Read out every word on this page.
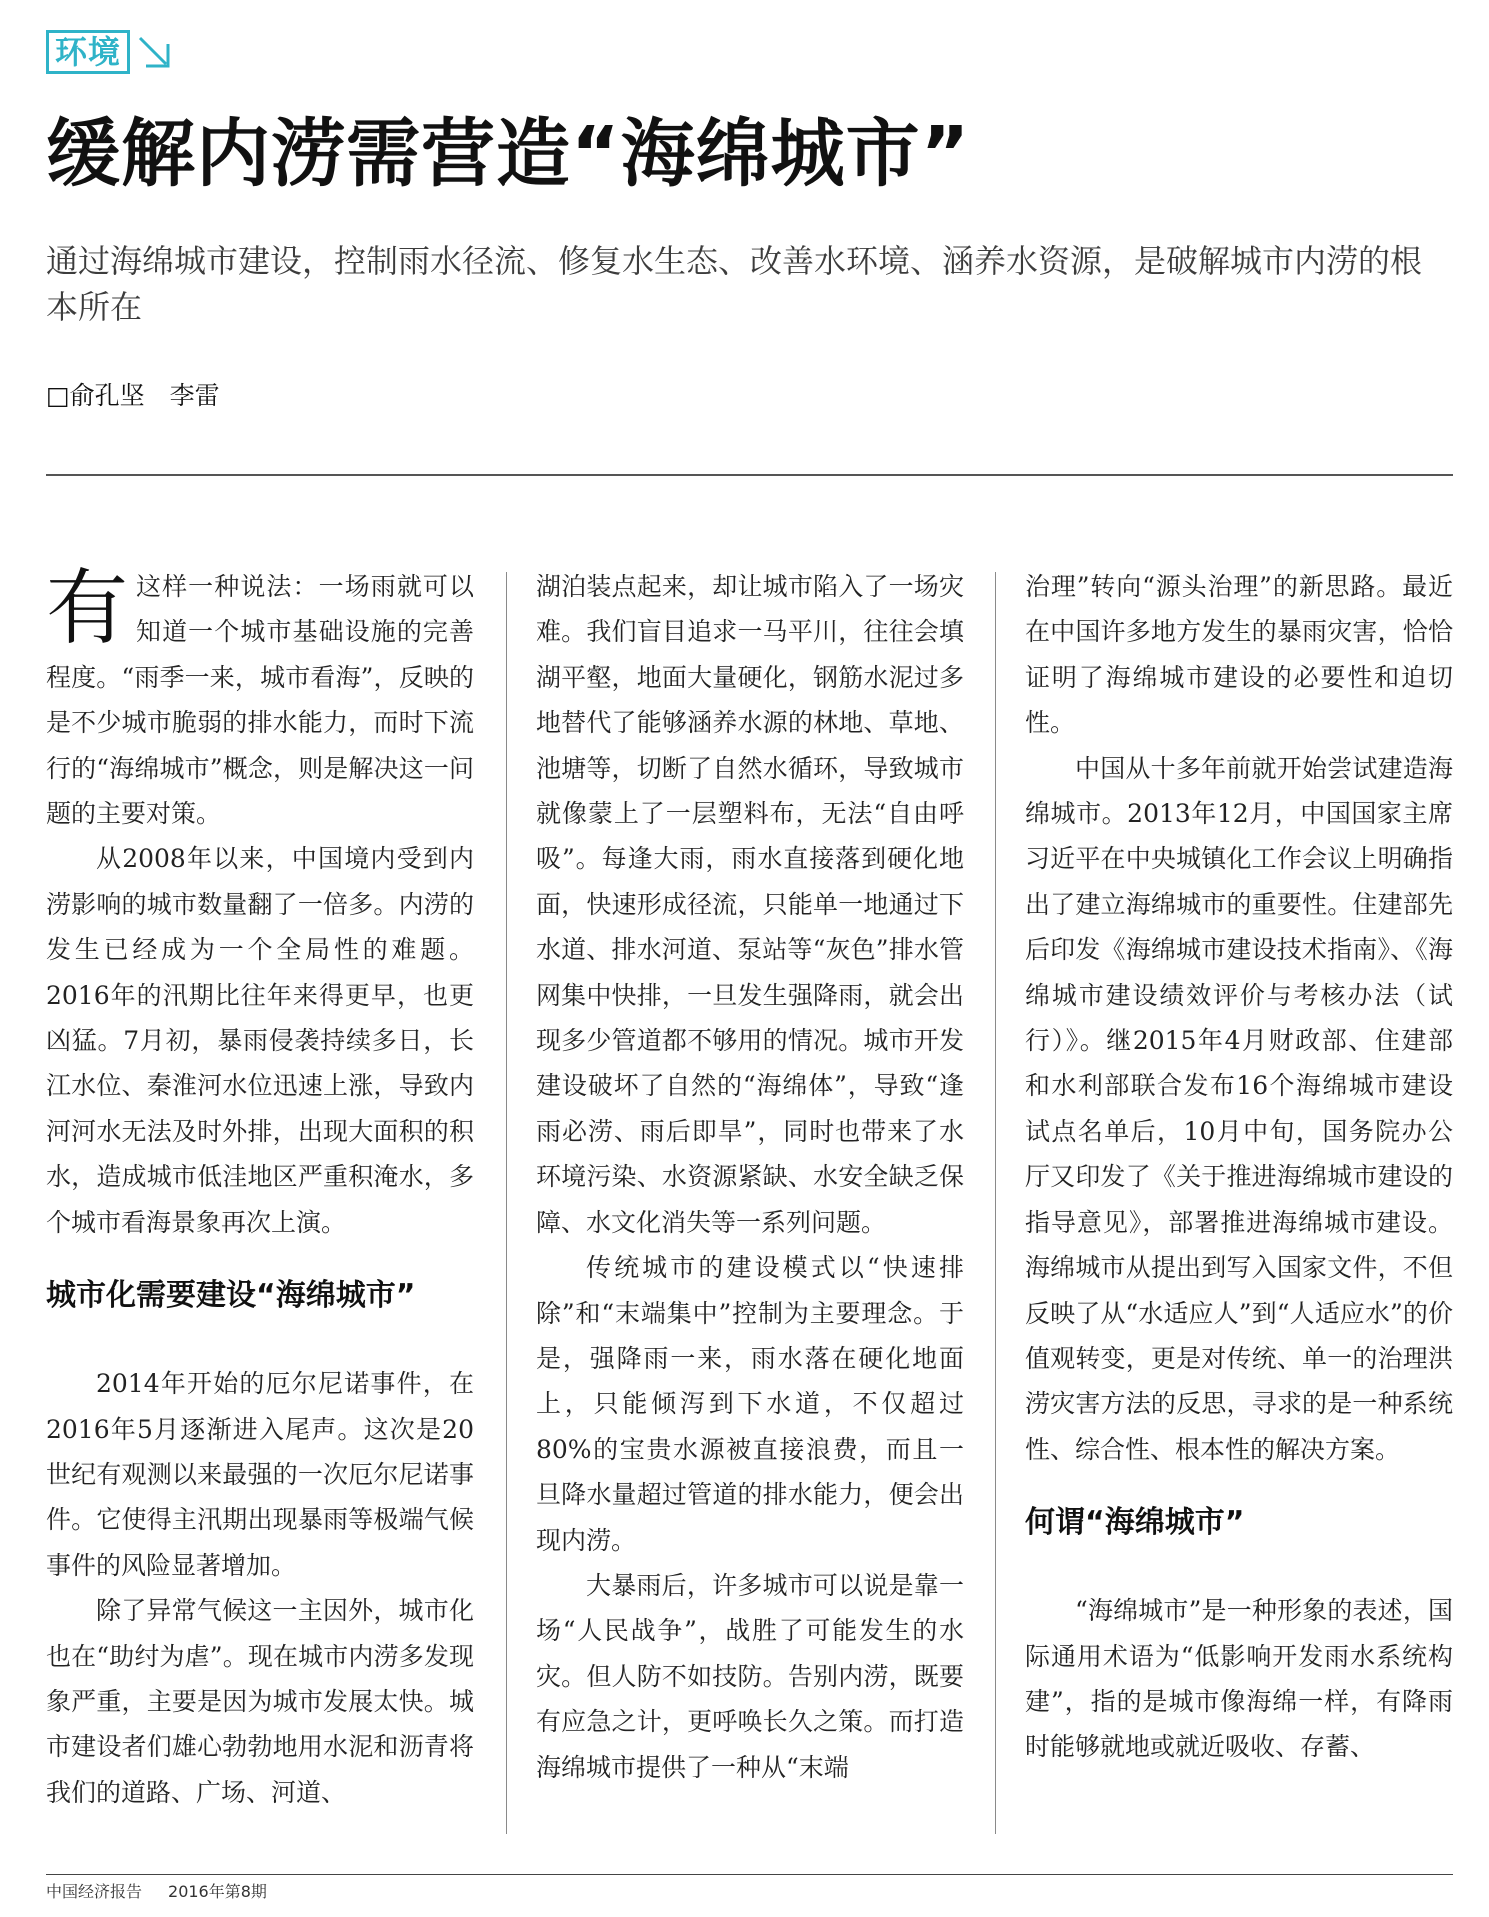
环境
缓解内涝需营造“海绵城市”
通过海绵城市建设，控制雨水径流、修复水生态、改善水环境、涵养水资源，是破解城市内涝的根本所在
□俞孔坚　李雷

有这样一种说法：一场雨就可以知道一个城市基础设施的完善程度。“雨季一来，城市看海”，反映的是不少城市脆弱的排水能力，而时下流行的“海绵城市”概念，则是解决这一问题的主要对策。

从2008年以来，中国境内受到内涝影响的城市数量翻了一倍多。内涝的发生已经成为一个全局性的难题。2016年的汛期比往年来得更早，也更凶猛。7月初，暴雨侵袭持续多日，长江水位、秦淮河水位迅速上涨，导致内河河水无法及时外排，出现大面积的积水，造成城市低洼地区严重积淹水，多个城市看海景象再次上演。

城市化需要建设“海绵城市”

2014年开始的厄尔尼诺事件，在2016年5月逐渐进入尾声。这次是20世纪有观测以来最强的一次厄尔尼诺事件。它使得主汛期出现暴雨等极端气候事件的风险显著增加。

除了异常气候这一主因外，城市化也在“助纣为虐”。现在城市内涝多发现象严重，主要是因为城市发展太快。城市建设者们雄心勃勃地用水泥和沥青将我们的道路、广场、河道、

湖泊装点起来，却让城市陷入了一场灾难。我们盲目追求一马平川，往往会填湖平壑，地面大量硬化，钢筋水泥过多地替代了能够涵养水源的林地、草地、池塘等，切断了自然水循环，导致城市就像蒙上了一层塑料布，无法“自由呼吸”。每逢大雨，雨水直接落到硬化地面，快速形成径流，只能单一地通过下水道、排水河道、泵站等“灰色”排水管网集中快排，一旦发生强降雨，就会出现多少管道都不够用的情况。城市开发建设破坏了自然的“海绵体”，导致“逢雨必涝、雨后即旱”，同时也带来了水环境污染、水资源紧缺、水安全缺乏保障、水文化消失等一系列问题。

传统城市的建设模式以“快速排除”和“末端集中”控制为主要理念。于是，强降雨一来，雨水落在硬化地面上，只能倾泻到下水道，不仅超过80%的宝贵水源被直接浪费，而且一旦降水量超过管道的排水能力，便会出现内涝。

大暴雨后，许多城市可以说是靠一场“人民战争”，战胜了可能发生的水灾。但人防不如技防。告别内涝，既要有应急之计，更呼唤长久之策。而打造海绵城市提供了一种从“末端

治理”转向“源头治理”的新思路。最近在中国许多地方发生的暴雨灾害，恰恰证明了海绵城市建设的必要性和迫切性。

中国从十多年前就开始尝试建造海绵城市。2013年12月，中国国家主席习近平在中央城镇化工作会议上明确指出了建立海绵城市的重要性。住建部先后印发《海绵城市建设技术指南》、《海绵城市建设绩效评价与考核办法（试行）》。继2015年4月财政部、住建部和水利部联合发布16个海绵城市建设试点名单后，10月中旬，国务院办公厅又印发了《关于推进海绵城市建设的指导意见》，部署推进海绵城市建设。海绵城市从提出到写入国家文件，不但反映了从“水适应人”到“人适应水”的价值观转变，更是对传统、单一的治理洪涝灾害方法的反思，寻求的是一种系统性、综合性、根本性的解决方案。

何谓“海绵城市”

“海绵城市”是一种形象的表述，国际通用术语为“低影响开发雨水系统构建”，指的是城市像海绵一样，有降雨时能够就地或就近吸收、存蓄、

中国经济报告 2016年第8期
